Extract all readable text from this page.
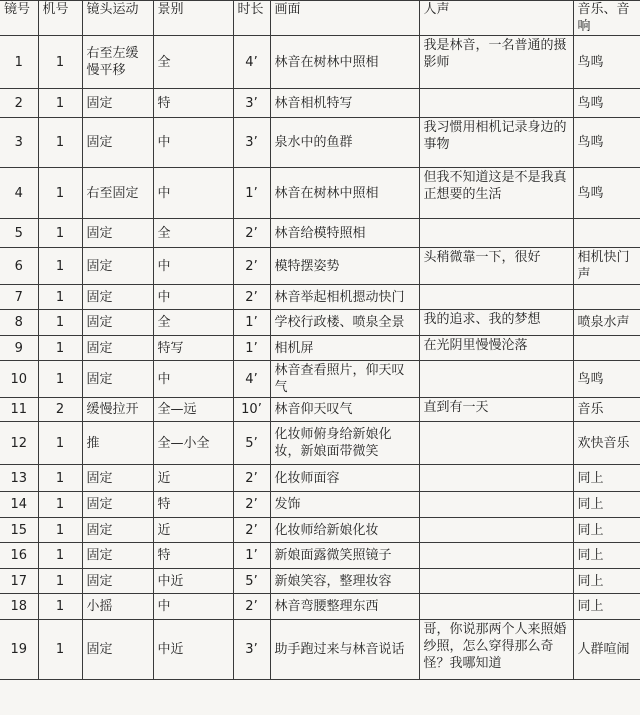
镜号	机号	镜头运动	景别	时长	画面	人声	音乐、音响
1	1	右至左缓慢平移	全	4’	林音在树林中照相	我是林音，一名普通的摄影师	鸟鸣
2	1	固定	特	3’	林音相机特写		鸟鸣
3	1	固定	中	3’	泉水中的鱼群	我习惯用相机记录身边的事物	鸟鸣
4	1	右至固定	中	1’	林音在树林中照相	但我不知道这是不是我真正想要的生活	鸟鸣
5	1	固定	全	2’	林音给模特照相		
6	1	固定	中	2’	模特摆姿势	头稍微靠一下，很好	相机快门声
7	1	固定	中	2’	林音举起相机摁动快门		
8	1	固定	全	1’	学校行政楼、喷泉全景	我的追求、我的梦想	喷泉水声
9	1	固定	特写	1’	相机屏	在光阴里慢慢沦落	
10	1	固定	中	4’	林音查看照片，仰天叹气		鸟鸣
11	2	缓慢拉开	全—远	10’	林音仰天叹气	直到有一天	音乐
12	1	推	全—小全	5’	化妆师俯身给新娘化妆，新娘面带微笑		欢快音乐
13	1	固定	近	2’	化妆师面容		同上
14	1	固定	特	2’	发饰		同上
15	1	固定	近	2’	化妆师给新娘化妆		同上
16	1	固定	特	1’	新娘面露微笑照镜子		同上
17	1	固定	中近	5’	新娘笑容，整理妆容		同上
18	1	小摇	中	2’	林音弯腰整理东西		同上
19	1	固定	中近	3’	助手跑过来与林音说话	哥，你说那两个人来照婚纱照，怎么穿得那么奇怪？我哪知道	人群喧闹
